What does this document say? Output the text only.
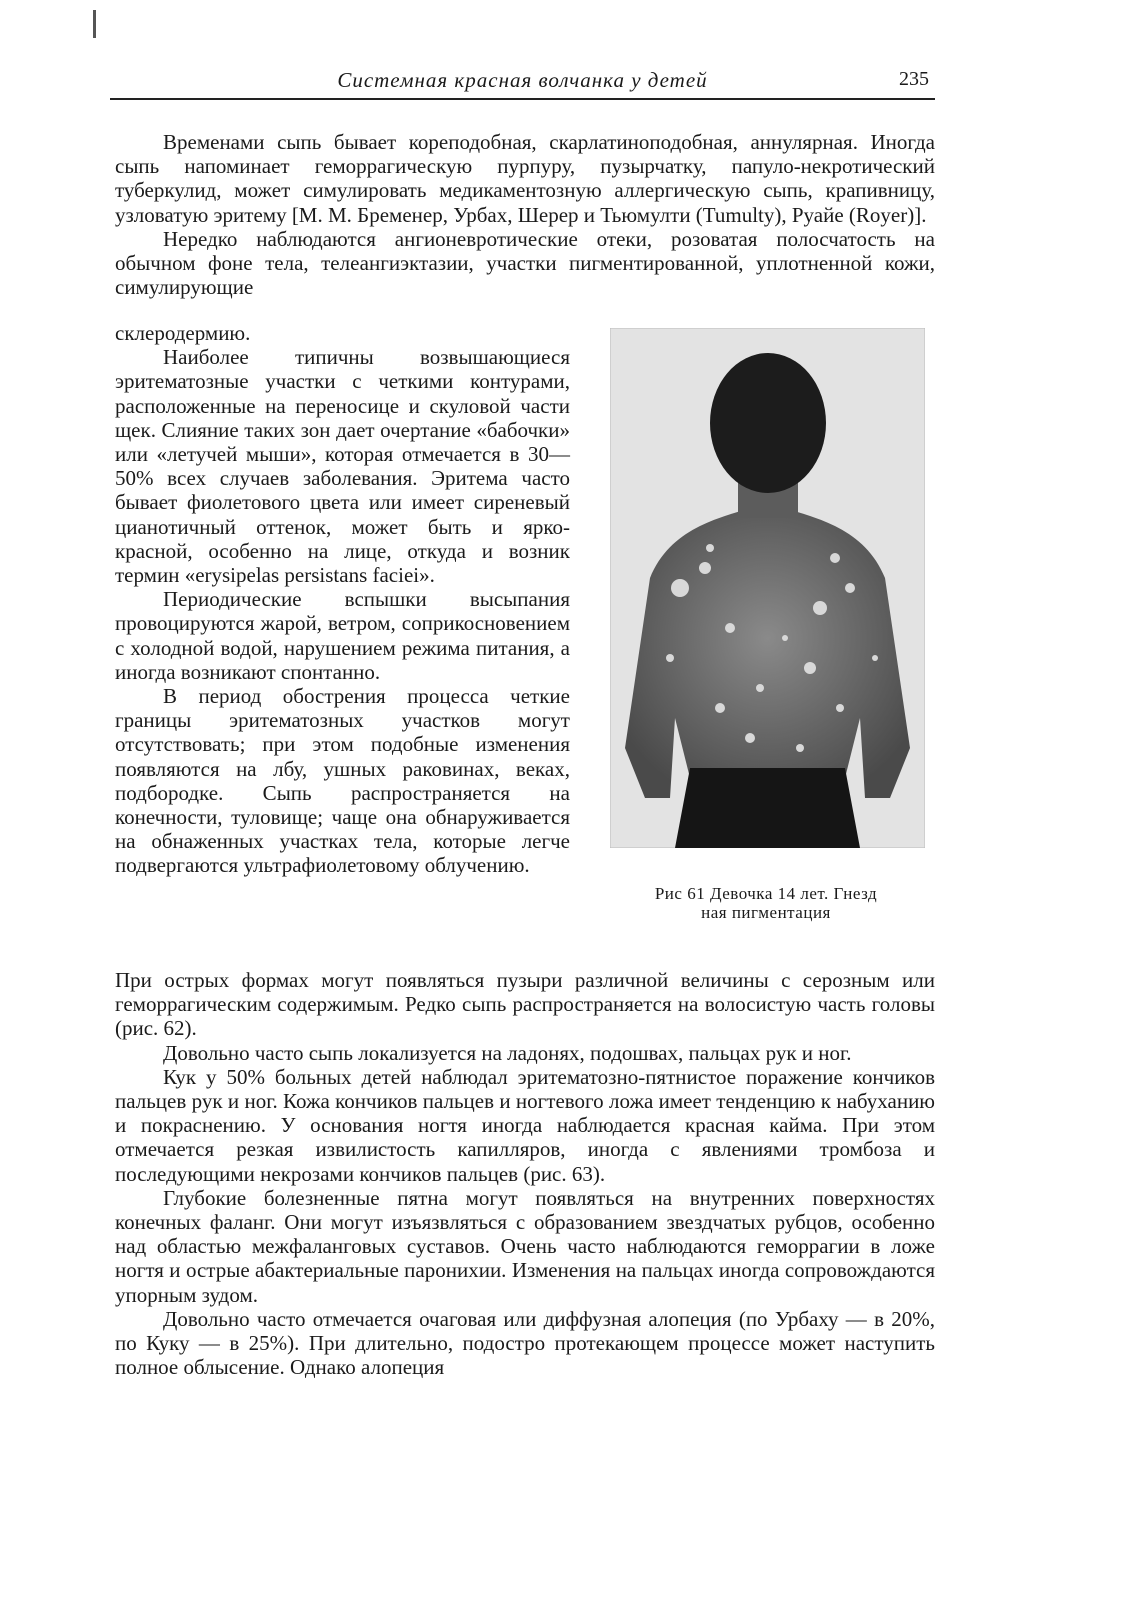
Системная красная волчанка у детей	235

Временами сыпь бывает кореподобная, скарлатиноподобная, аннулярная. Иногда сыпь напоминает геморрагическую пурпуру, пузырчатку, папуло-некротический туберкулид, может симулировать медикаментозную аллергическую сыпь, крапивницу, узловатую эритему [М. М. Бременер, Урбах, Шерер и Тьюмулти (Tumulty), Руайе (Royer)].

Нередко наблюдаются ангионевротические отеки, розоватая полосчатость на обычном фоне тела, телеангиэктазии, участки пигментированной, уплотненной кожи, симулирующие

склеродермию.

Наиболее типичны возвышающиеся эритематозные участки с четкими контурами, расположенные на переносице и скуловой части щек. Слияние таких зон дает очертание «бабочки» или «летучей мыши», которая отмечается в 30—50% всех случаев заболевания. Эритема часто бывает фиолетового цвета или имеет сиреневый цианотичный оттенок, может быть и ярко-красной, особенно на лице, откуда и возник термин «erysipelas persistans faciei».

Периодические вспышки высыпания провоцируются жарой, ветром, соприкосновением с холодной водой, нарушением режима питания, а иногда возникают спонтанно.

В период обострения процесса четкие границы эритематозных участков могут отсутствовать; при этом подобные изменения появляются на лбу, ушных раковинах, веках, подбородке. Сыпь распространяется на конечности, туловище; чаще она обнаруживается на обнаженных участках тела, которые легче подвергаются ультрафиолетовому облучению.

Рис 61 Девочка 14 лет. Гнезд
ная пигментация

При острых формах могут появляться пузыри различной величины с серозным или геморрагическим содержимым. Редко сыпь распространяется на волосистую часть головы (рис. 62).

Довольно часто сыпь локализуется на ладонях, подошвах, пальцах рук и ног.

Кук у 50% больных детей наблюдал эритематозно-пятнистое поражение кончиков пальцев рук и ног. Кожа кончиков пальцев и ногтевого ложа имеет тенденцию к набуханию и покраснению. У основания ногтя иногда наблюдается красная кайма. При этом отмечается резкая извилистость капилляров, иногда с явлениями тромбоза и последующими некрозами кончиков пальцев (рис. 63).

Глубокие болезненные пятна могут появляться на внутренних поверхностях конечных фаланг. Они могут изъязвляться с образованием звездчатых рубцов, особенно над областью межфаланговых суставов. Очень часто наблюдаются геморрагии в ложе ногтя и острые абактериальные паронихии. Изменения на пальцах иногда сопровождаются упорным зудом.

Довольно часто отмечается очаговая или диффузная алопеция (по Урбаху — в 20%, по Куку — в 25%). При длительно, подостро протекающем процессе может наступить полное облысение. Однако алопеция
